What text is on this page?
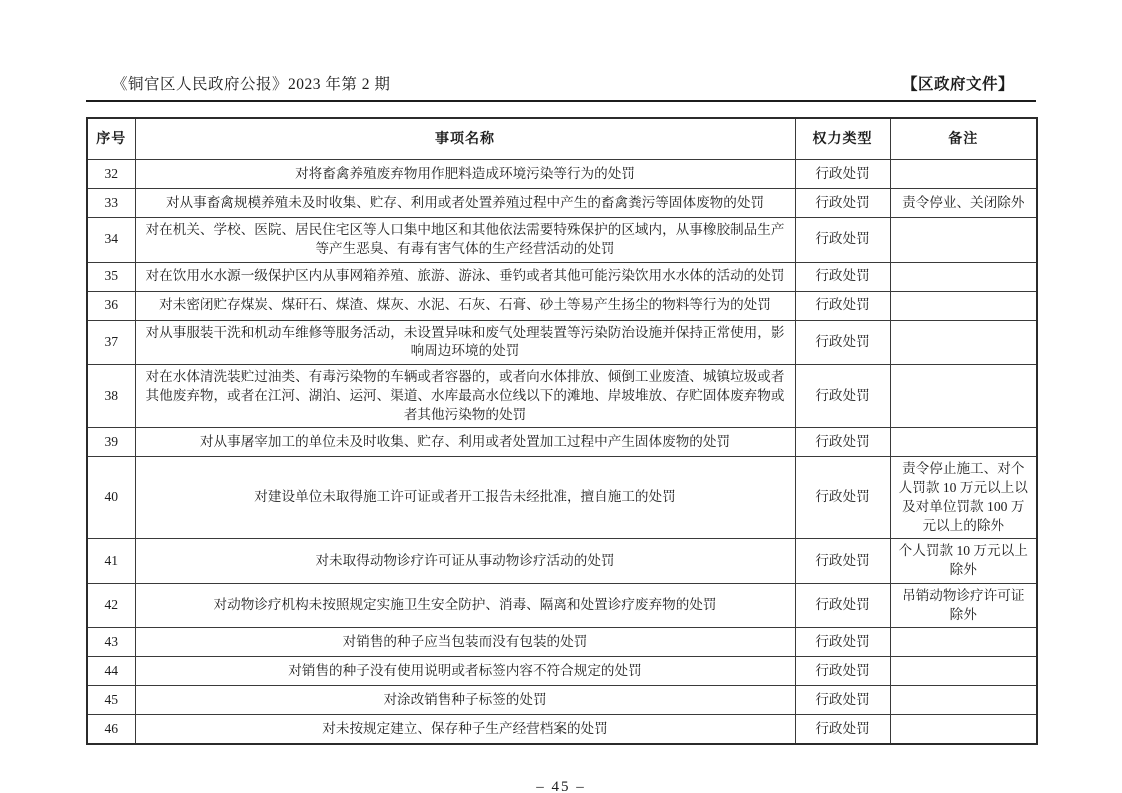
《铜官区人民政府公报》2023 年第 2 期	【区政府文件】
序号	事项名称	权力类型	备注
32	对将畜禽养殖废弃物用作肥料造成环境污染等行为的处罚	行政处罚	
33	对从事畜禽规模养殖未及时收集、贮存、利用或者处置养殖过程中产生的畜禽粪污等固体废物的处罚	行政处罚	责令停业、关闭除外
34	对在机关、学校、医院、居民住宅区等人口集中地区和其他依法需要特殊保护的区域内，从事橡胶制品生产等产生恶臭、有毒有害气体的生产经营活动的处罚	行政处罚	
35	对在饮用水水源一级保护区内从事网箱养殖、旅游、游泳、垂钓或者其他可能污染饮用水水体的活动的处罚	行政处罚	
36	对未密闭贮存煤炭、煤矸石、煤渣、煤灰、水泥、石灰、石膏、砂土等易产生扬尘的物料等行为的处罚	行政处罚	
37	对从事服装干洗和机动车维修等服务活动，未设置异味和废气处理装置等污染防治设施并保持正常使用，影响周边环境的处罚	行政处罚	
38	对在水体清洗装贮过油类、有毒污染物的车辆或者容器的，或者向水体排放、倾倒工业废渣、城镇垃圾或者其他废弃物，或者在江河、湖泊、运河、渠道、水库最高水位线以下的滩地、岸坡堆放、存贮固体废弃物或者其他污染物的处罚	行政处罚	
39	对从事屠宰加工的单位未及时收集、贮存、利用或者处置加工过程中产生固体废物的处罚	行政处罚	
40	对建设单位未取得施工许可证或者开工报告未经批准，擅自施工的处罚	行政处罚	责令停止施工、对个人罚款 10 万元以上以及对单位罚款 100 万元以上的除外
41	对未取得动物诊疗许可证从事动物诊疗活动的处罚	行政处罚	个人罚款 10 万元以上除外
42	对动物诊疗机构未按照规定实施卫生安全防护、消毒、隔离和处置诊疗废弃物的处罚	行政处罚	吊销动物诊疗许可证除外
43	对销售的种子应当包装而没有包装的处罚	行政处罚	
44	对销售的种子没有使用说明或者标签内容不符合规定的处罚	行政处罚	
45	对涂改销售种子标签的处罚	行政处罚	
46	对未按规定建立、保存种子生产经营档案的处罚	行政处罚	
– 45 –
